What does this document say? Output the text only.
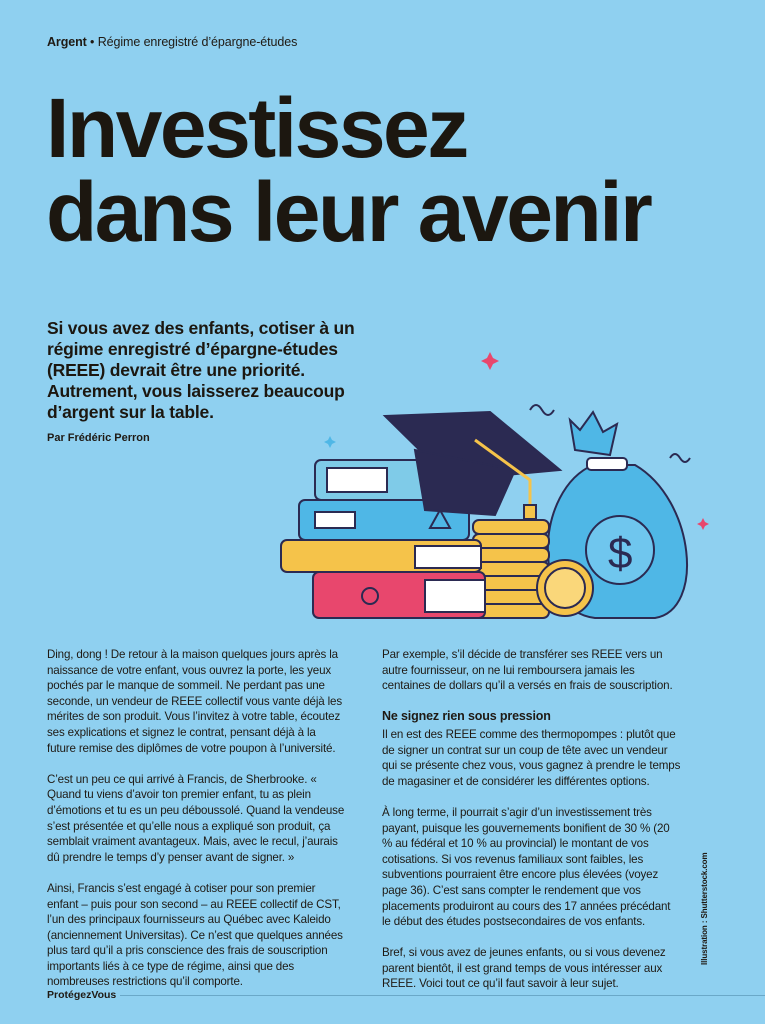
Argent • Régime enregistré d’épargne-études
Investissez
dans leur avenir
Si vous avez des enfants, cotiser à un régime enregistré d’épargne-études (REEE) devrait être une priorité. Autrement, vous laisserez beaucoup d’argent sur la table.
Par Frédéric Perron
$

Ding, dong ! De retour à la maison quelques jours après la naissance de votre enfant, vous ouvrez la porte, les yeux pochés par le manque de sommeil. Ne perdant pas une seconde, un vendeur de REEE collectif vous vante déjà les mérites de son produit. Vous l’invitez à votre table, écoutez ses explications et signez le contrat, pensant déjà à la future remise des diplômes de votre poupon à l’université.

C’est un peu ce qui arrivé à Francis, de Sherbrooke. « Quand tu viens d’avoir ton premier enfant, tu as plein d’émotions et tu es un peu déboussolé. Quand la vendeuse s’est présentée et qu’elle nous a expliqué son produit, ça semblait vraiment avantageux. Mais, avec le recul, j’aurais dû prendre le temps d’y penser avant de signer. »

Ainsi, Francis s’est engagé à cotiser pour son premier enfant – puis pour son second – au REEE collectif de CST, l’un des principaux fournisseurs au Québec avec Kaleido (anciennement Universitas). Ce n’est que quelques années plus tard qu’il a pris conscience des frais de souscription importants liés à ce type de régime, ainsi que des nombreuses restrictions qu’il comporte.

Par exemple, s’il décide de transférer ses REEE vers un autre fournisseur, on ne lui remboursera jamais les centaines de dollars qu’il a versés en frais de souscription.

Ne signez rien sous pression

Il en est des REEE comme des thermopompes : plutôt que de signer un contrat sur un coup de tête avec un vendeur qui se présente chez vous, vous gagnez à prendre le temps de magasiner et de considérer les différentes options.

À long terme, il pourrait s’agir d’un investissement très payant, puisque les gouvernements bonifient de 30 % (20 % au fédéral et 10 % au provincial) le montant de vos cotisations. Si vos revenus familiaux sont faibles, les subventions pourraient être encore plus élevées (voyez page 36). C’est sans compter le rendement que vos placements produiront au cours des 17 années précédant le début des études postsecondaires de vos enfants.

Bref, si vous avez de jeunes enfants, ou si vous devenez parent bientôt, il est grand temps de vous intéresser aux REEE. Voici tout ce qu’il faut savoir à leur sujet.

Illustration : Shutterstock.com
ProtégezVous
